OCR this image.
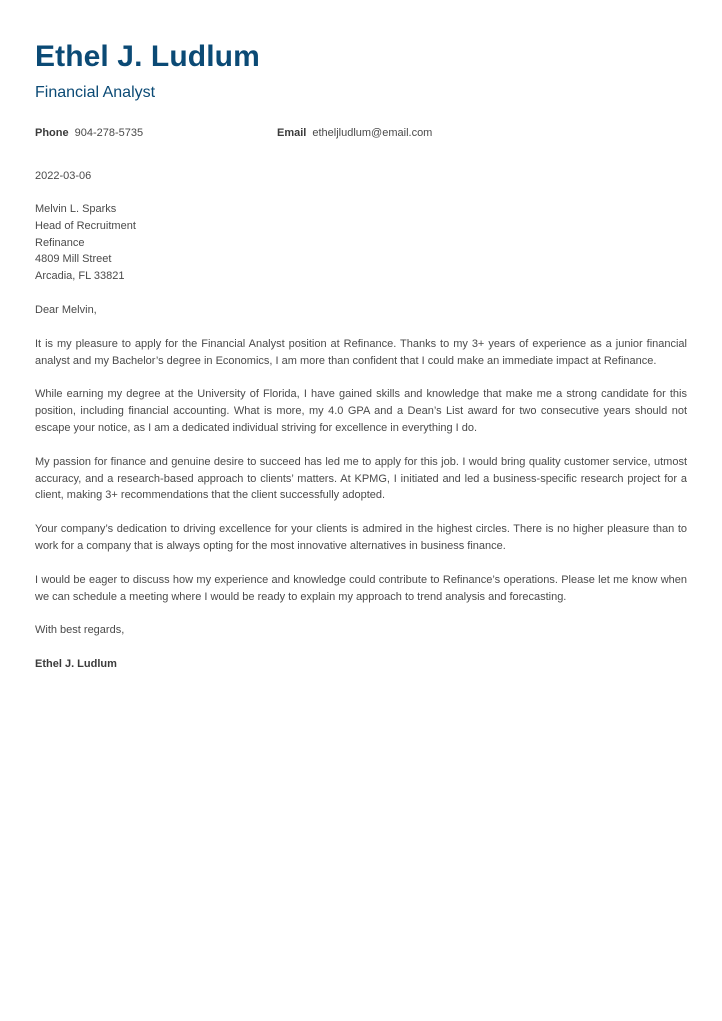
Ethel J. Ludlum
Financial Analyst
Phone 904-278-5735	Email etheljludlum@email.com
2022-03-06
Melvin L. Sparks
Head of Recruitment
Refinance
4809 Mill Street
Arcadia, FL 33821
Dear Melvin,

It is my pleasure to apply for the Financial Analyst position at Refinance. Thanks to my 3+ years of experience as a junior financial analyst and my Bachelor’s degree in Economics, I am more than confident that I could make an immediate impact at Refinance.

While earning my degree at the University of Florida, I have gained skills and knowledge that make me a strong candidate for this position, including financial accounting. What is more, my 4.0 GPA and a Dean’s List award for two consecutive years should not escape your notice, as I am a dedicated individual striving for excellence in everything I do.

My passion for finance and genuine desire to succeed has led me to apply for this job. I would bring quality customer service, utmost accuracy, and a research-based approach to clients’ matters. At KPMG, I initiated and led a business-specific research project for a client, making 3+ recommendations that the client successfully adopted.

Your company’s dedication to driving excellence for your clients is admired in the highest circles. There is no higher pleasure than to work for a company that is always opting for the most innovative alternatives in business finance.

I would be eager to discuss how my experience and knowledge could contribute to Refinance’s operations. Please let me know when we can schedule a meeting where I would be ready to explain my approach to trend analysis and forecasting.

With best regards,
Ethel J. Ludlum
